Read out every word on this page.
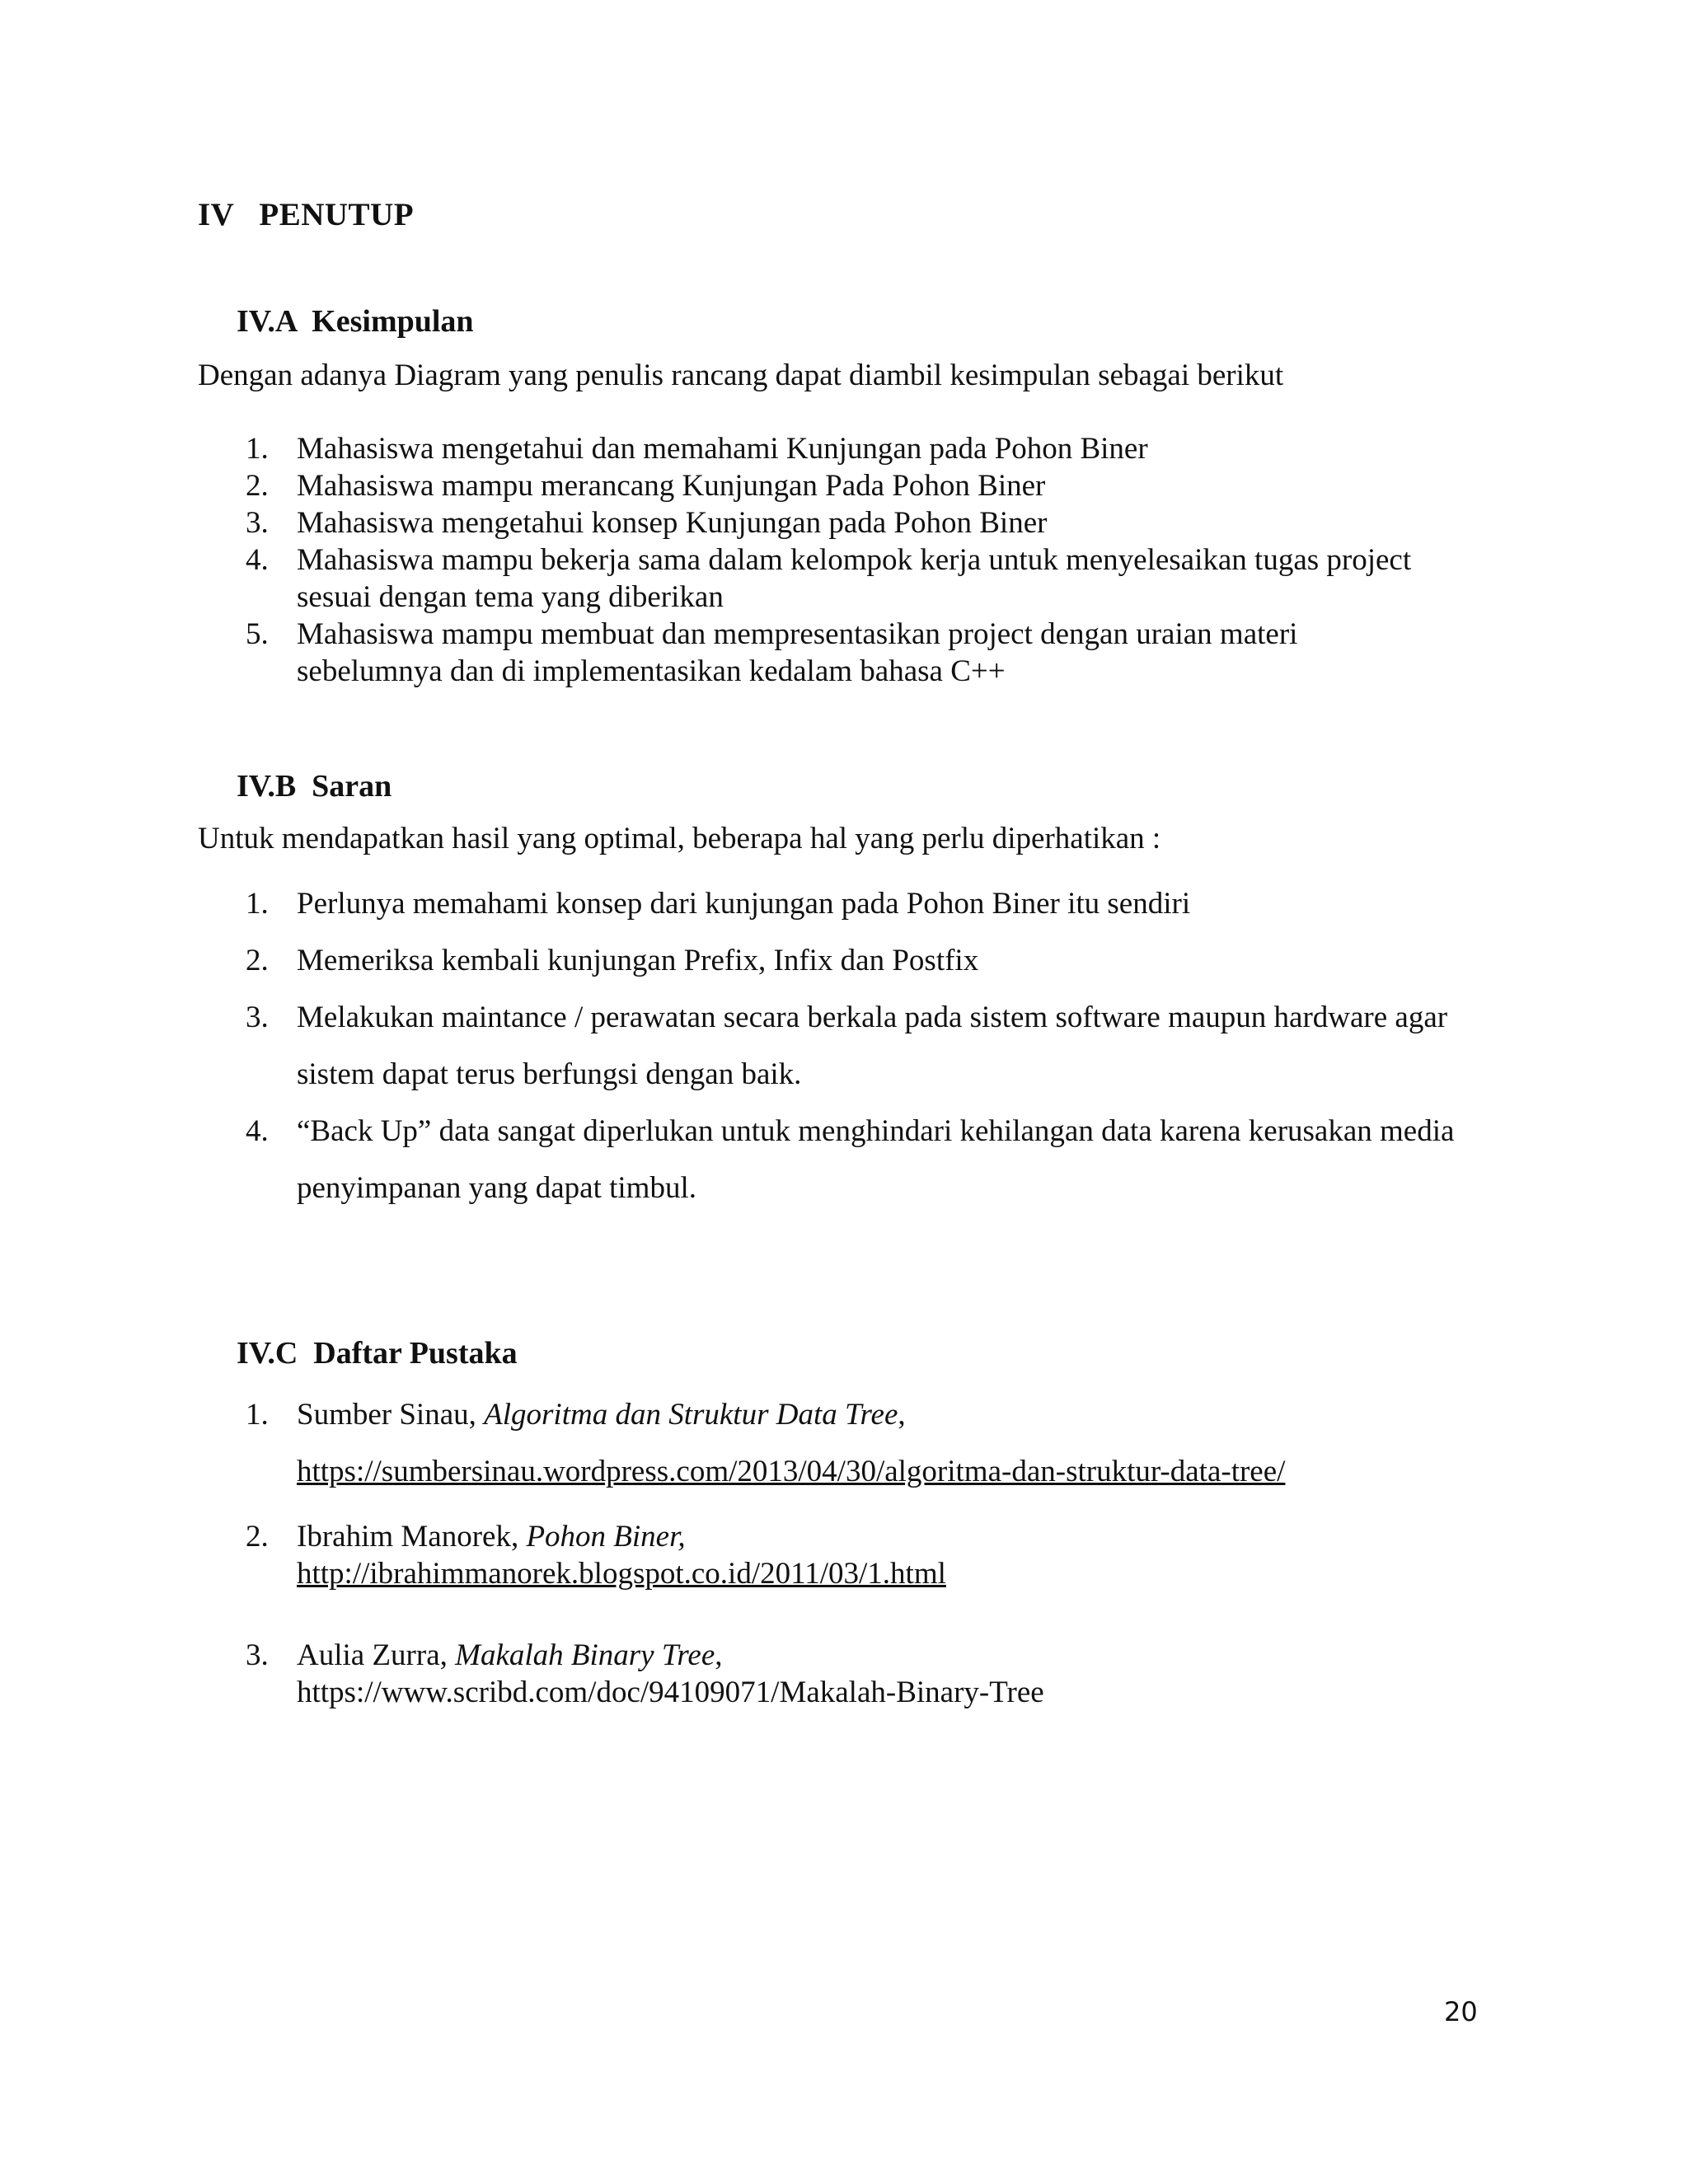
IV   PENUTUP
IV.A  Kesimpulan

Dengan adanya Diagram yang penulis rancang dapat diambil kesimpulan sebagai berikut

1. Mahasiswa mengetahui dan memahami Kunjungan pada Pohon Biner
2. Mahasiswa mampu merancang Kunjungan Pada Pohon Biner
3. Mahasiswa mengetahui konsep Kunjungan pada Pohon Biner
4. Mahasiswa mampu bekerja sama dalam kelompok kerja untuk menyelesaikan tugas project sesuai dengan tema yang diberikan
5. Mahasiswa mampu membuat dan mempresentasikan project dengan uraian materi sebelumnya dan di implementasikan kedalam bahasa C++
IV.B  Saran

Untuk mendapatkan hasil yang optimal, beberapa hal yang perlu diperhatikan :

1. Perlunya memahami konsep dari kunjungan pada Pohon Biner itu sendiri
2. Memeriksa kembali kunjungan Prefix, Infix dan Postfix
3. Melakukan maintance / perawatan secara berkala pada sistem software maupun hardware agar sistem dapat terus berfungsi dengan baik.
4. “Back Up” data sangat diperlukan untuk menghindari kehilangan data karena kerusakan media penyimpanan yang dapat timbul.
IV.C  Daftar Pustaka
1. Sumber Sinau, Algoritma dan Struktur Data Tree,
https://sumbersinau.wordpress.com/2013/04/30/algoritma-dan-struktur-data-tree/
2. Ibrahim Manorek, Pohon Biner,
http://ibrahimmanorek.blogspot.co.id/2011/03/1.html
3. Aulia Zurra, Makalah Binary Tree,
https://www.scribd.com/doc/94109071/Makalah-Binary-Tree

20
